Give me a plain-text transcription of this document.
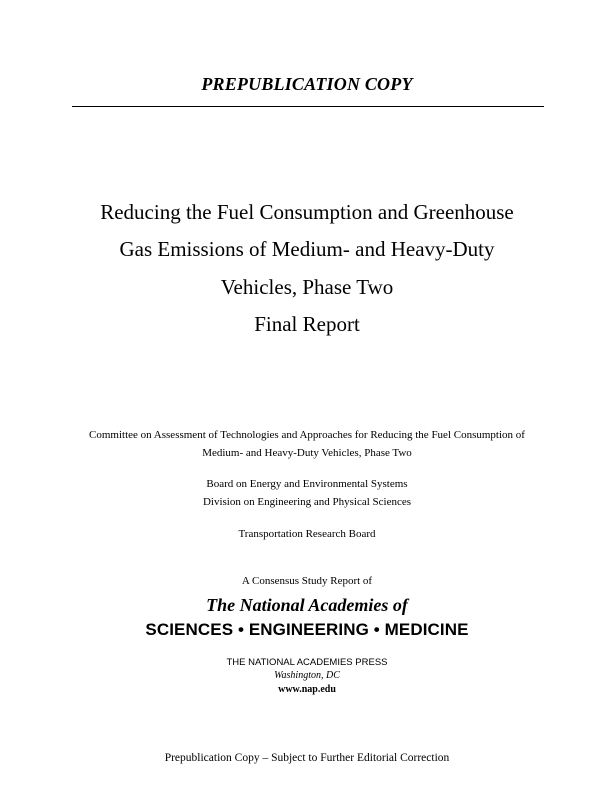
PREPUBLICATION COPY
Reducing the Fuel Consumption and Greenhouse
Gas Emissions of Medium- and Heavy-Duty
Vehicles, Phase Two
Final Report
Committee on Assessment of Technologies and Approaches for Reducing the Fuel Consumption of
Medium- and Heavy-Duty Vehicles, Phase Two
Board on Energy and Environmental Systems
Division on Engineering and Physical Sciences
Transportation Research Board
A Consensus Study Report of
The National Academies of
SCIENCES • ENGINEERING • MEDICINE
THE NATIONAL ACADEMIES PRESS
Washington, DC
www.nap.edu
Prepublication Copy – Subject to Further Editorial Correction
